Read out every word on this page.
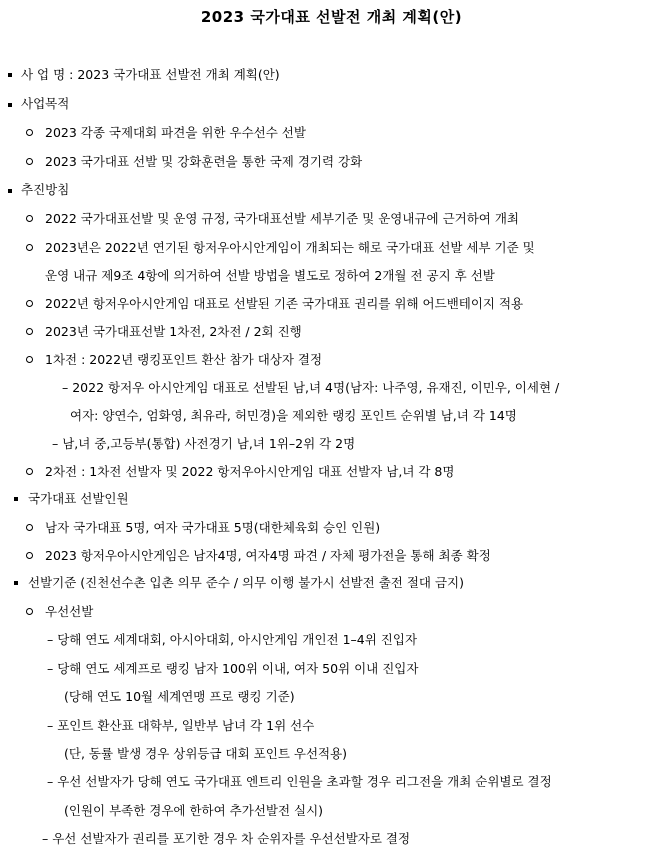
2023 국가대표 선발전 개최 계획(안)
사 업 명 : 2023 국가대표 선발전 개최 계획(안)
사업목적
2023 각종 국제대회 파견을 위한 우수선수 선발
2023 국가대표 선발 및 강화훈련을 통한 국제 경기력 강화
추진방침
2022 국가대표선발 및 운영 규정, 국가대표선발 세부기준 및 운영내규에 근거하여 개최
2023년은 2022년 연기된 항저우아시안게임이 개최되는 해로 국가대표 선발 세부 기준 및
운영 내규 제9조 4항에 의거하여 선발 방법을 별도로 정하여 2개월 전 공지 후 선발
2022년 항저우아시안게임 대표로 선발된 기존 국가대표 권리를 위해 어드밴테이지 적용
2023년 국가대표선발 1차전, 2차전 / 2회 진행
1차전 : 2022년 랭킹포인트 환산 참가 대상자 결정
– 2022 항저우 아시안게임 대표로 선발된 남,녀 4명(남자: 나주영, 유재진, 이민우, 이세현 /
여자: 양연수, 엄화영, 최유라, 허민경)을 제외한 랭킹 포인트 순위별 남,녀 각 14명
– 남,녀 중,고등부(통합) 사전경기 남,녀 1위–2위 각 2명
2차전 : 1차전 선발자 및 2022 항저우아시안게임 대표 선발자 남,녀 각 8명
국가대표 선발인원
남자 국가대표 5명, 여자 국가대표 5명(대한체육회 승인 인원)
2023 항저우아시안게임은 남자4명, 여자4명 파견 / 자체 평가전을 통해 최종 확정
선발기준 (진천선수촌 입촌 의무 준수 / 의무 이행 불가시 선발전 출전 절대 금지)
우선선발
– 당해 연도 세계대회, 아시아대회, 아시안게임 개인전 1–4위 진입자
– 당해 연도 세계프로 랭킹 남자 100위 이내, 여자 50위 이내 진입자
(당해 연도 10월 세계연맹 프로 랭킹 기준)
– 포인트 환산표 대학부, 일반부 남녀 각 1위 선수
(단, 동률 발생 경우 상위등급 대회 포인트 우선적용)
– 우선 선발자가 당해 연도 국가대표 엔트리 인원을 초과할 경우 리그전을 개최 순위별로 결정
(인원이 부족한 경우에 한하여 추가선발전 실시)
– 우선 선발자가 권리를 포기한 경우 차 순위자를 우선선발자로 결정
